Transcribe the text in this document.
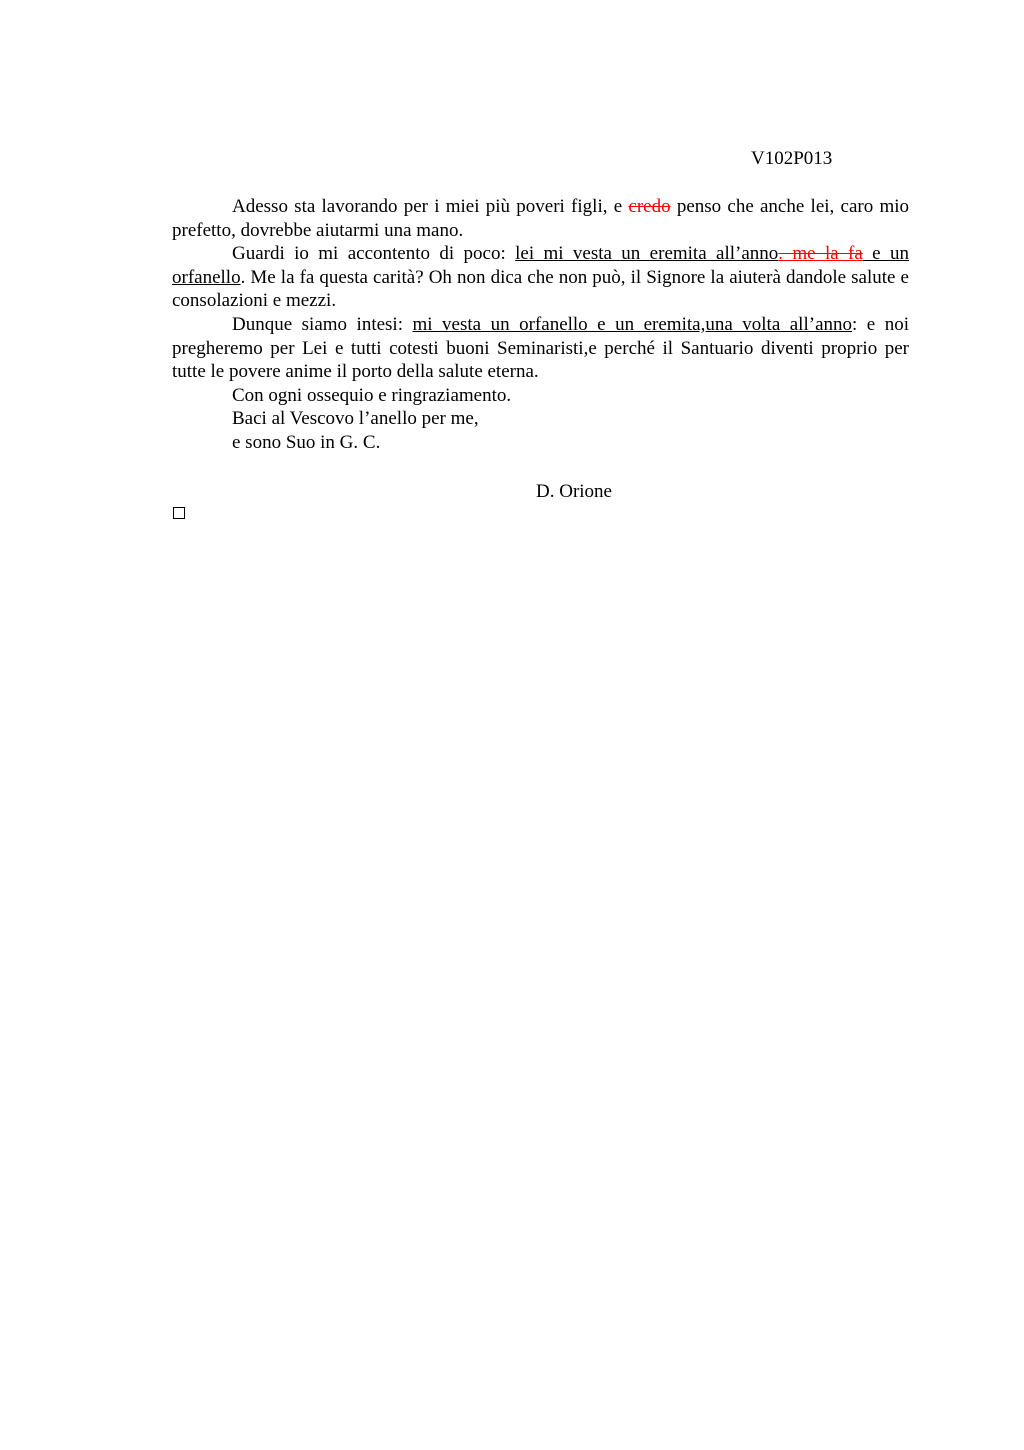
V102P013

Adesso sta lavorando per i miei più poveri figli, e credo penso che anche lei, caro mio prefetto, dovrebbe aiutarmi una mano.

Guardi io mi accontento di poco: lei mi vesta un eremita all’anno. me la fa e un orfanello. Me la fa questa carità? Oh non dica che non può, il Signore la aiuterà dandole salute e consolazioni e mezzi.

Dunque siamo intesi: mi vesta un orfanello e un eremita,una volta all’anno: e noi pregheremo per Lei e tutti cotesti buoni Seminaristi,e perché il Santuario diventi proprio per tutte le povere anime il porto della salute eterna.

Con ogni ossequio e ringraziamento.

Baci al Vescovo l’anello per me,

e sono Suo in G. C.

D. Orione
